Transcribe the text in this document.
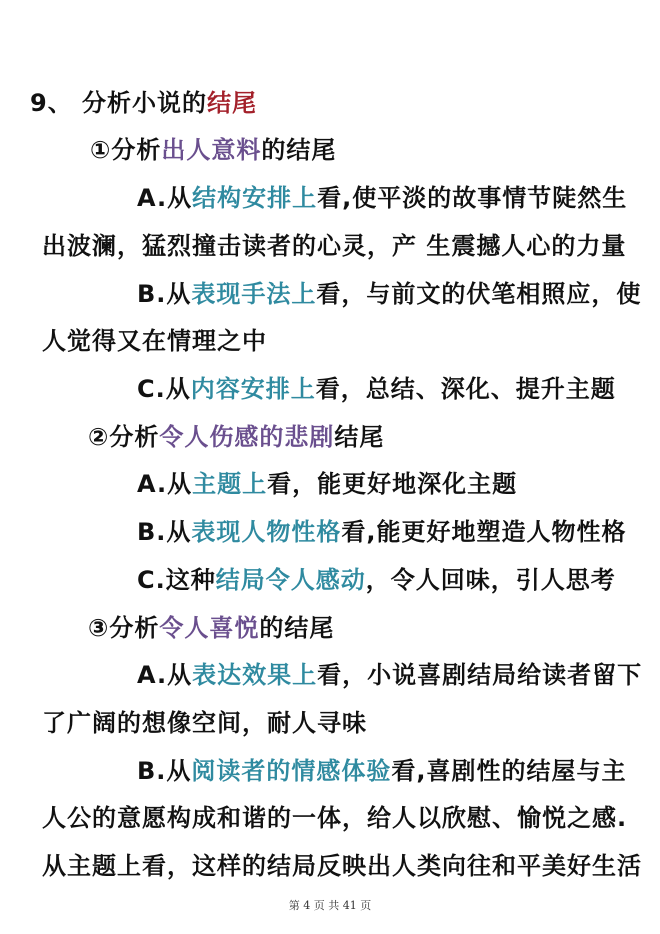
9、 分析小说的结尾
①分析出人意料的结尾
A.从结构安排上看,使平淡的故事情节陡然生
出波澜，猛烈撞击读者的心灵，产 生震撼人心的力量
B.从表现手法上看，与前文的伏笔相照应，使
人觉得又在情理之中
C.从内容安排上看，总结、深化、提升主题
②分析令人伤感的悲剧结尾
A.从主题上看，能更好地深化主题
B.从表现人物性格看,能更好地塑造人物性格
C.这种结局令人感动，令人回味，引人思考
③分析令人喜悦的结尾
A.从表达效果上看，小说喜剧结局给读者留下
了广阔的想像空间，耐人寻味
B.从阅读者的情感体验看,喜剧性的结屋与主
人公的意愿构成和谐的一体，给人以欣慰、愉悦之感.
从主题上看，这样的结局反映出人类向往和平美好生活
第 4 页 共 41 页
